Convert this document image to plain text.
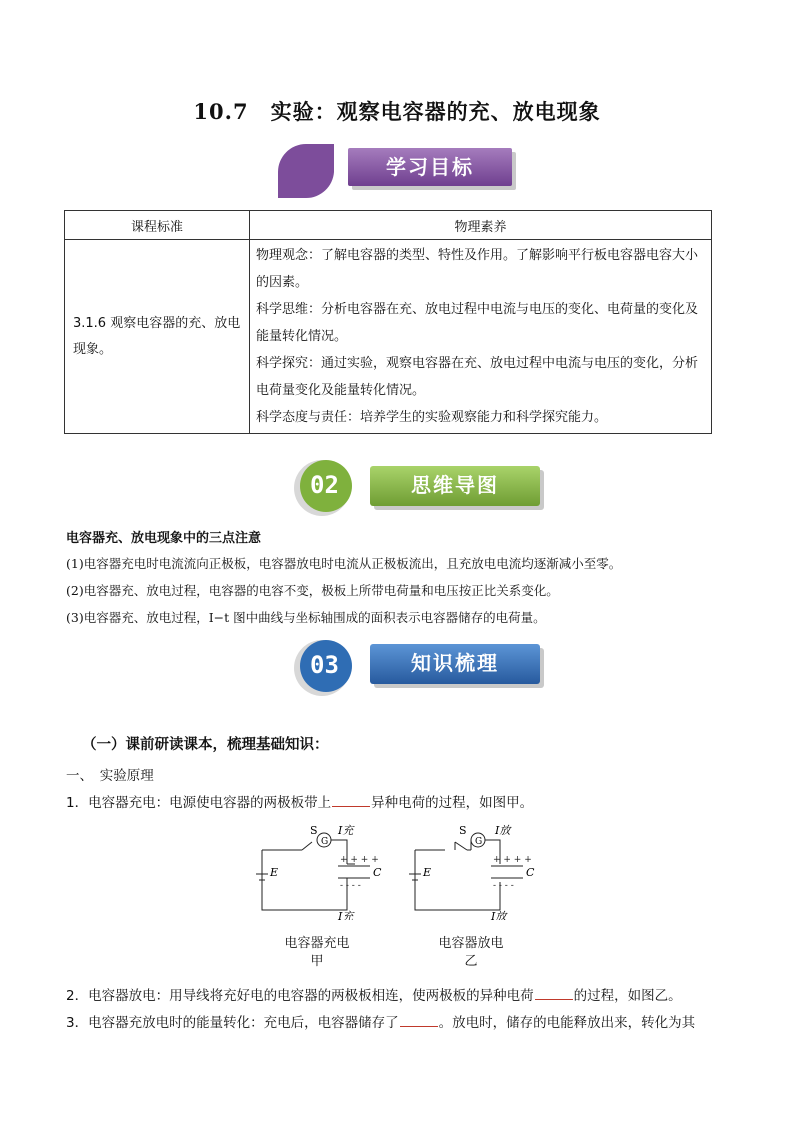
10.7　实验：观察电容器的充、放电现象
学习目标
课程标准	物理素养
3.1.6 观察电容器的充、放电现象。	物理观念：了解电容器的类型、特性及作用。了解影响平行板电容器电容大小的因素。
科学思维：分析电容器在充、放电过程中电流与电压的变化、电荷量的变化及能量转化情况。
科学探究：通过实验，观察电容器在充、放电过程中电流与电压的变化，分析电荷量变化及能量转化情况。
科学态度与责任：培养学生的实验观察能力和科学探究能力。
02	思维导图
电容器充、放电现象中的三点注意
(1)电容器充电时电流流向正极板，电容器放电时电流从正极板流出，且充放电电流均逐渐减小至零。
(2)电容器充、放电过程，电容器的电容不变，极板上所带电荷量和电压按正比关系变化。
(3)电容器充、放电过程，I−t 图中曲线与坐标轴围成的面积表示电容器储存的电荷量。
03	知识梳理
（一）课前研读课本，梳理基础知识：
一、　实验原理
1．电容器充电：电源使电容器的两极板带上	异种电荷的过程，如图甲。
+ + + +
- - - -
S
G
E	C
I充
I充
电容器充电
甲
+ + + +
- - - -
S
G
E	C
I放
I放
电容器放电
乙
2．电容器放电：用导线将充好电的电容器的两极板相连，使两极板的异种电荷	的过程，如图乙。
3．电容器充放电时的能量转化：充电后，电容器储存了	。放电时，储存的电能释放出来，转化为其
